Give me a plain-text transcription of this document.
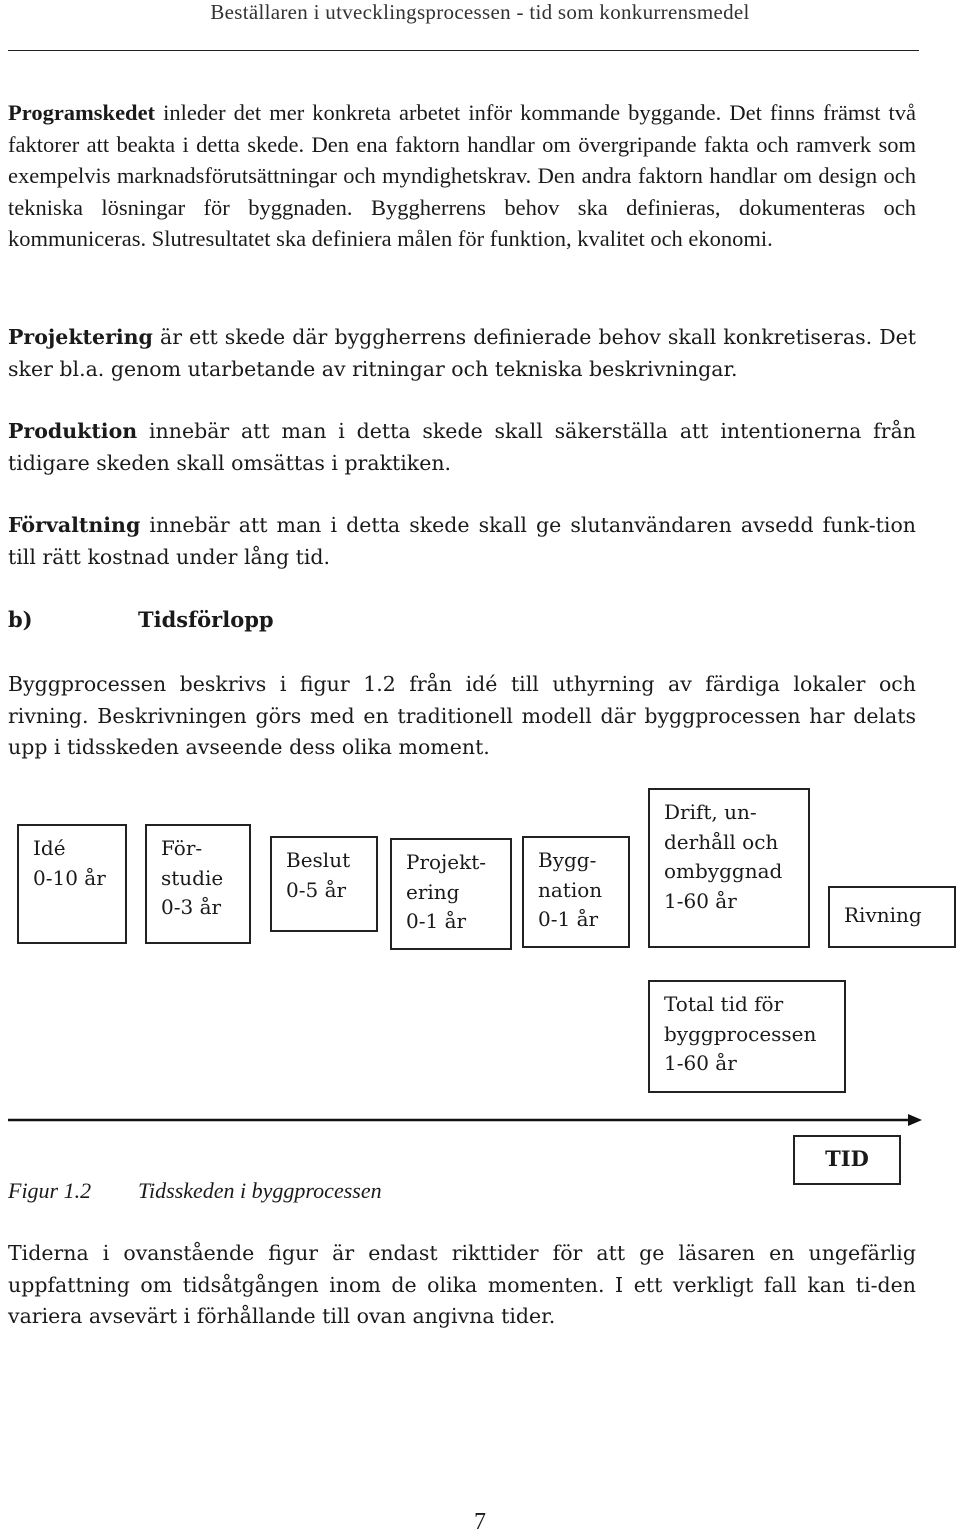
Beställaren i utvecklingsprocessen - tid som konkurrensmedel

Programskedet inleder det mer konkreta arbetet inför kommande byggande. Det finns främst två faktorer att beakta i detta skede. Den ena faktorn handlar om övergripande fakta och ramverk som exempelvis marknadsförutsättningar och myndighetskrav. Den andra faktorn handlar om design och tekniska lösningar för byggnaden. Byggherrens behov ska definieras, dokumenteras och kommuniceras. Slutresultatet ska definiera målen för funktion, kvalitet och ekonomi.

Projektering är ett skede där byggherrens definierade behov skall konkretiseras. Det sker bl.a. genom utarbetande av ritningar och tekniska beskrivningar.

Produktion innebär att man i detta skede skall säkerställa att intentionerna från tidigare skeden skall omsättas i praktiken.

Förvaltning innebär att man i detta skede skall ge slutanvändaren avsedd funk-tion till rätt kostnad under lång tid.

b)	Tidsförlopp

Byggprocessen beskrivs i figur 1.2 från idé till uthyrning av färdiga lokaler och rivning. Beskrivningen görs med en traditionell modell där byggprocessen har delats upp i tidsskeden avseende dess olika moment.

Idé
0-10 år
För-
studie
0-3 år
Beslut
0-5 år
Projekt-
ering
0-1 år
Bygg-
nation
0-1 år
Drift, un-
derhåll och
ombyggnad
1-60 år
Rivning
Total tid för
byggprocessen
1-60 år
TID
Figur 1.2 Tidsskeden i byggprocessen

Tiderna i ovanstående figur är endast rikttider för att ge läsaren en ungefärlig uppfattning om tidsåtgången inom de olika momenten. I ett verkligt fall kan ti-den variera avsevärt i förhållande till ovan angivna tider.

7
